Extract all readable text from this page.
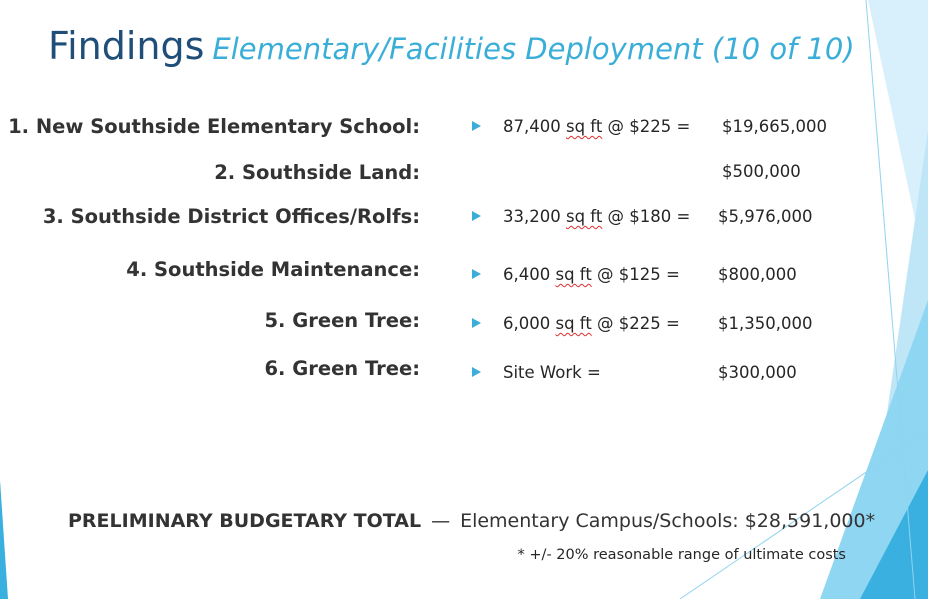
Findings Elementary/Facilities Deployment (10 of 10)
1. New Southside Elementary School:	87,400 sq ft @ $225 = $19,665,000
2. Southside Land:	$500,000
3. Southside District Offices/Rolfs:	33,200 sq ft @ $180 = $5,976,000
4. Southside Maintenance:	6,400 sq ft @ $125 = $800,000
5. Green Tree:	6,000 sq ft @ $225 = $1,350,000
6. Green Tree:	Site Work =	$300,000
PRELIMINARY BUDGETARY TOTAL — Elementary Campus/Schools: $28,591,000*
* +/- 20% reasonable range of ultimate costs
